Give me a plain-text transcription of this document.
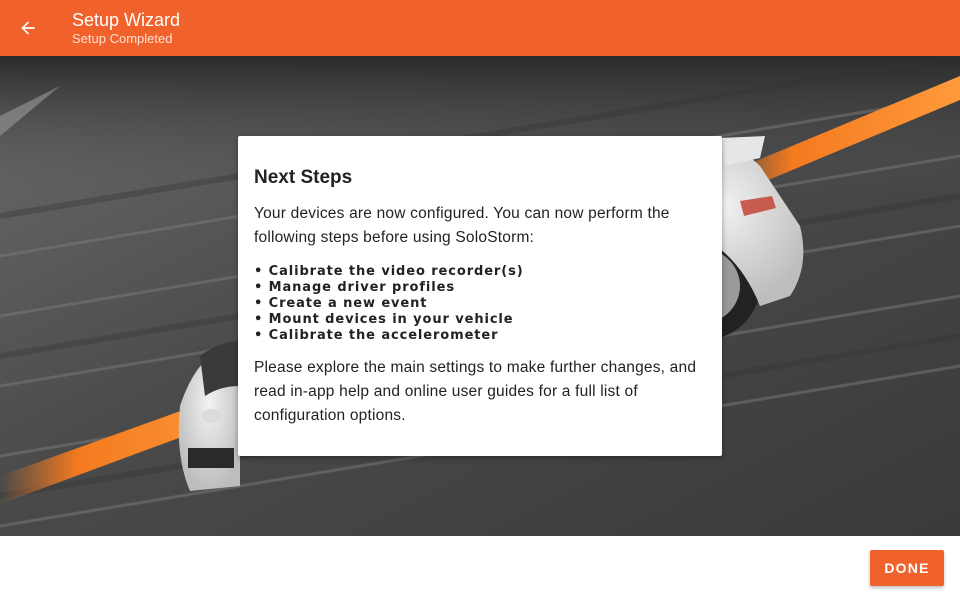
Setup Wizard
Setup Completed
Next Steps

Your devices are now configured. You can now perform the following steps before using SoloStorm:

• Calibrate the video recorder(s)
• Manage driver profiles
• Create a new event
• Mount devices in your vehicle
• Calibrate the accelerometer

Please explore the main settings to make further changes, and read in-app help and online user guides for a full list of configuration options.

DONE
